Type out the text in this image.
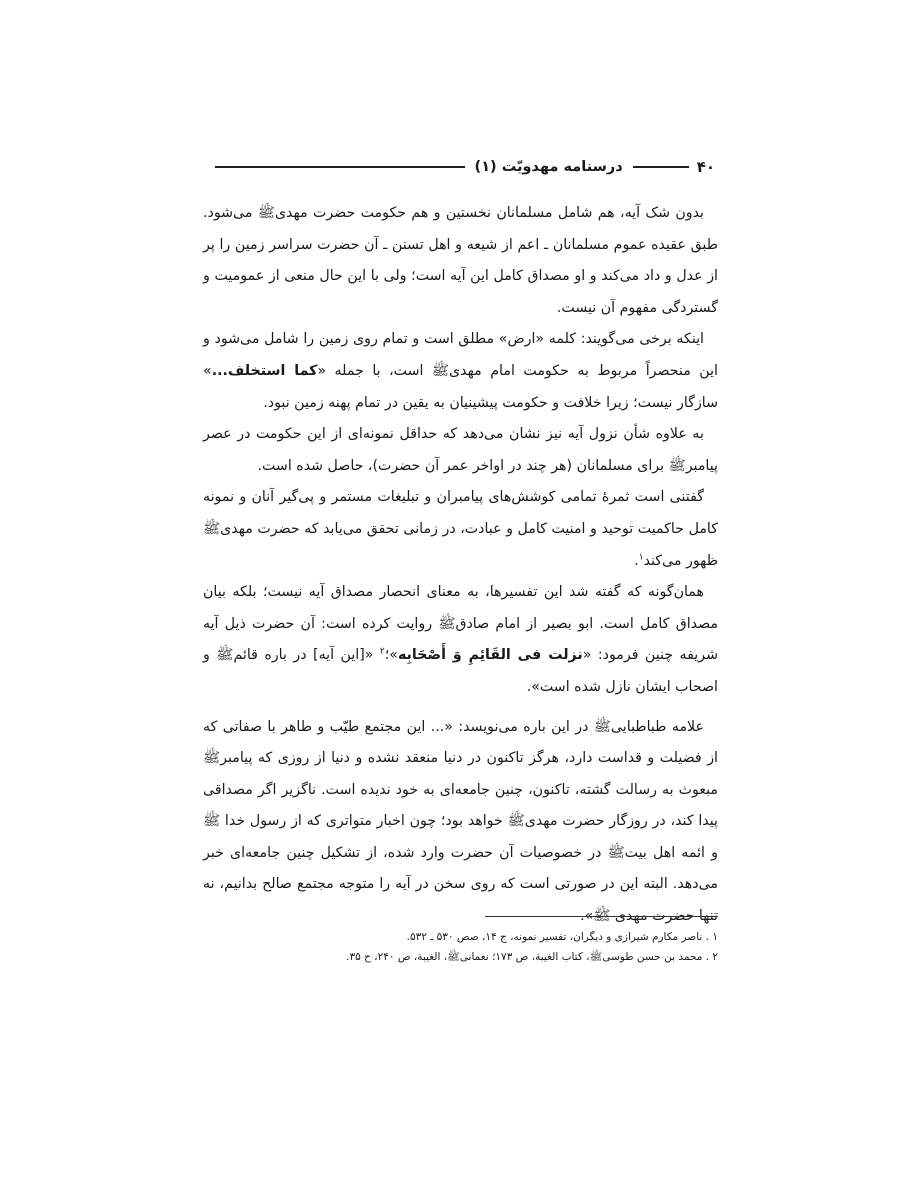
۴۰
درسنامه مهدویّت (۱)

بدون شک آیه، هم شامل مسلمانان نخستین و هم حکومت حضرت مهدی‌ﷺ می‌شود. طبق عقیده عموم مسلمانان ـ اعم از شیعه و اهل تسنن ـ آن حضرت سراسر زمین را پر از عدل و داد می‌کند و او مصداق کامل این آیه است؛ ولی با این حال منعی از عمومیت و گستردگی مفهوم آن نیست.

اینکه برخی می‌گویند: کلمه «ارض» مطلق است و تمام روی زمین را شامل می‌شود و این منحصراً مربوط به حکومت امام مهدی‌ﷺ است، با جمله «کما استخلف...» سازگار نیست؛ زیرا خلافت و حکومت پیشینیان به یقین در تمام پهنه زمین نبود.

به علاوه شأن نزول آیه نیز نشان می‌دهد که حداقل نمونه‌ای از این حکومت در عصر پیامبرﷺ برای مسلمانان (هر چند در اواخر عمر آن حضرت)، حاصل شده است.

گفتنی است ثمرهٔ تمامی کوشش‌های پیامبران و تبلیغات مستمر و پی‌گیر آنان و نمونه کامل حاکمیت توحید و امنیت کامل و عبادت، در زمانی تحقق می‌یابد که حضرت مهدیﷺ ظهور می‌کند$^۱$.

همان‌گونه که گفته شد این تفسیرها، به معنای انحصار مصداق آیه نیست؛ بلکه بیان مصداق کامل است. ابو بصیر از امام صادقﷺ روایت کرده است: آن حضرت ذیل آیه شریفه چنین فرمود: «نزلت فی القَائِمِ وَ أَصْحَابِه»؛$^۲$ «[این آیه] در باره قائمﷺ و اصحاب ایشان نازل شده است».

علامه طباطبایی‌ﷺ در این باره می‌نویسد: «... این مجتمع طیّب و طاهر با صفاتی که از فضیلت و قداست دارد، هرگز تاکنون در دنیا منعقد نشده و دنیا از روزی که پیامبرﷺ مبعوث به رسالت گشته، تاکنون، چنین جامعه‌ای به خود ندیده است. ناگزیر اگر مصداقی پیدا کند، در روزگار حضرت مهدیﷺ خواهد بود؛ چون اخبار متواتری که از رسول خدا ﷺ و ائمه اهل بیتﷺ در خصوصیات آن حضرت وارد شده، از تشکیل چنین جامعه‌ای خبر می‌دهد. البته این در صورتی است که روی سخن در آیه را متوجه مجتمع صالح بدانیم، نه تنها حضرت مهدی ﷺ».

۱ . ناصر مکارم شیرازی و دیگران، تفسیر نمونه، ج ۱۴، صص ۵۳۰ ـ ۵۳۲.
۲ . محمد بن حسن طوسیﷺ، کتاب الغیبة، ص ۱۷۳؛ نعمانیﷺ، الغیبة، ص ۲۴۰، ح ۳۵.
